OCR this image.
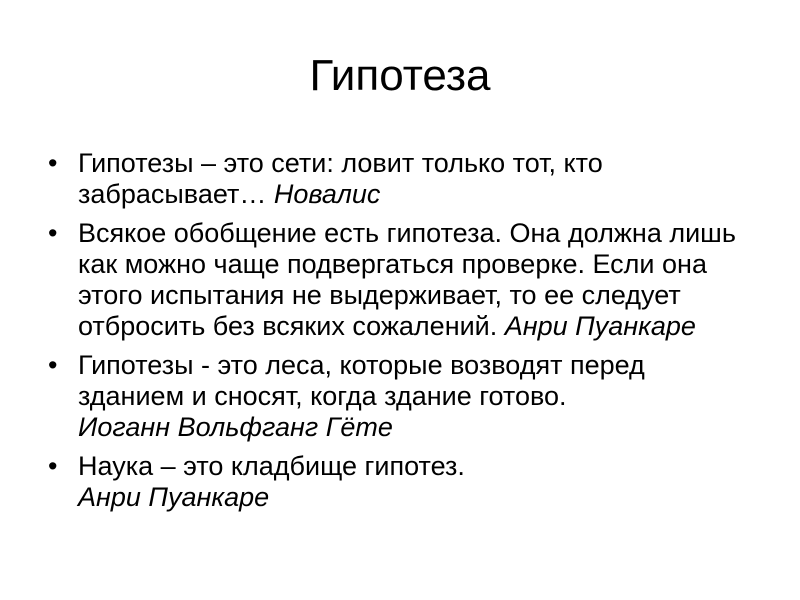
Гипотеза
• Гипотезы – это сети: ловит только тот, кто забрасывает… Новалис
• Всякое обобщение есть гипотеза. Она должна лишь как можно чаще подвергаться проверке. Если она этого испытания не выдерживает, то ее следует отбросить без всяких сожалений. Анри Пуанкаре
• Гипотезы - это леса, которые возводят перед зданием и сносят, когда здание готово.
Иоганн Вольфганг Гёте
• Наука – это кладбище гипотез.
Анри Пуанкаре
